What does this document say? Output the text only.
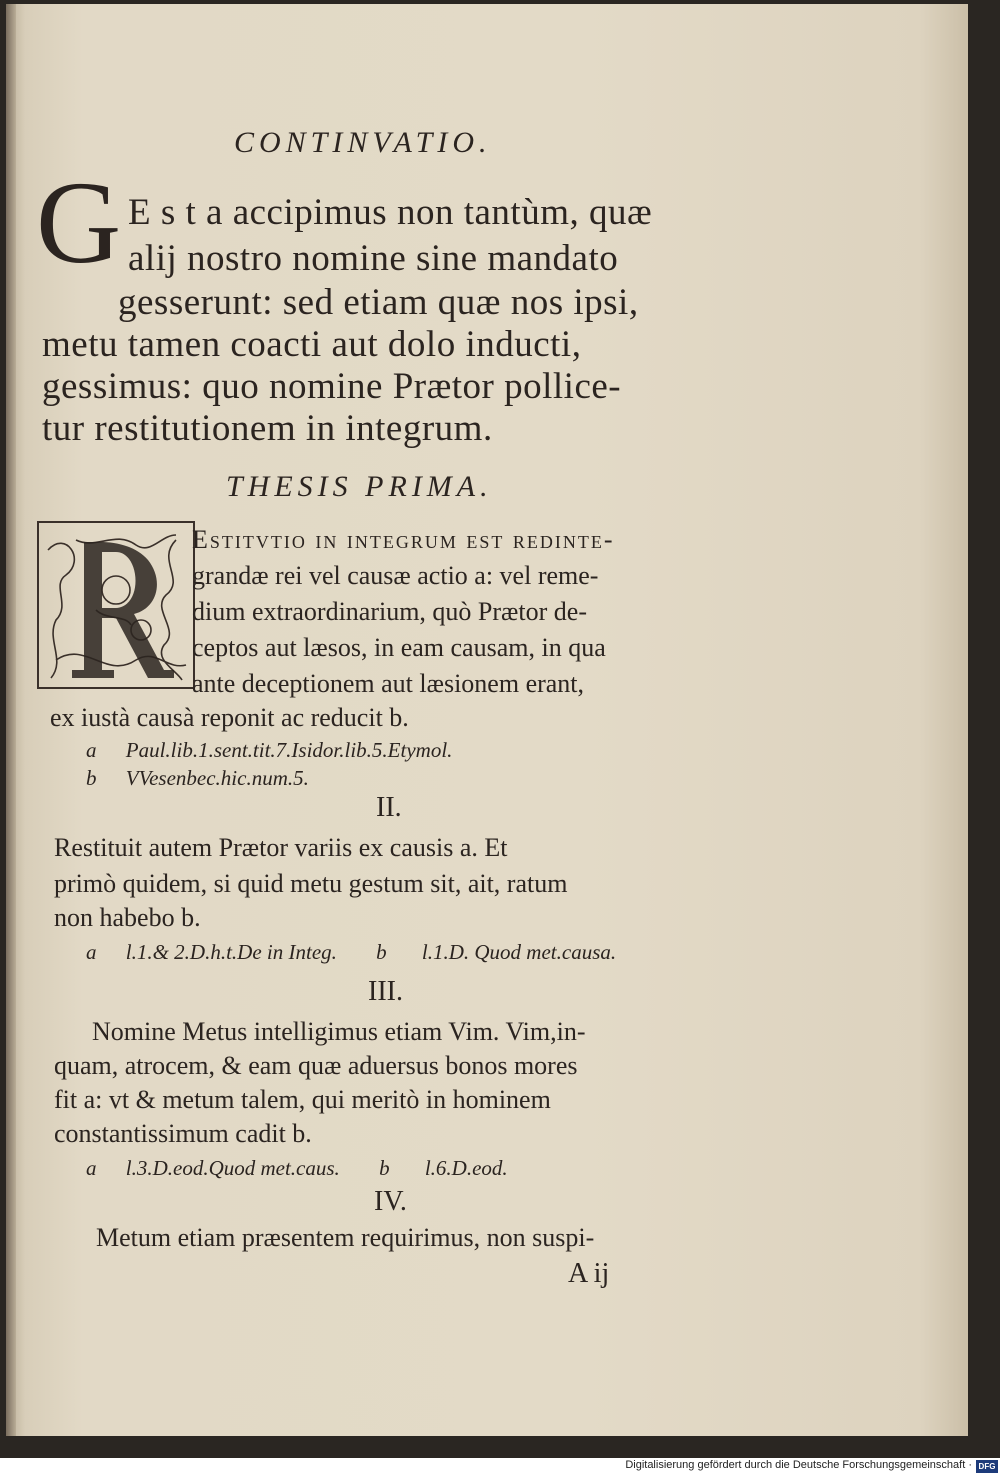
CONTINVATIO.
G E s t a accipimus non tantùm, quæ
alij nostro nomine sine mandato
gesserunt: sed etiam quæ nos ipsi,
metu tamen coacti aut dolo inducti,
gessimus: quo nomine Prætor pollice-
tur restitutionem in integrum.
THESIS PRIMA.
Estitvtio in integrum est redinte-
grandæ rei vel causæ actio a: vel reme-
dium extraordinarium, quò Prætor de-
ceptos aut læsos, in eam causam, in qua
ante deceptionem aut læsionem erant,
ex iustà causà reponit ac reducit b.
a Paul.lib.1.sent.tit.7.Isidor.lib.5.Etymol.
b VVesenbec.hic.num.5.
II.
Restituit autem Prætor variis ex causis a. Et
primò quidem, si quid metu gestum sit, ait, ratum
non habebo b.
a l.1.& 2.D.h.t.De in Integ. b l.1.D. Quod met.causa.
III.
Nomine Metus intelligimus etiam Vim. Vim,in-
quam, atrocem, & eam quæ aduersus bonos mores
fit a: vt & metum talem, qui meritò in hominem
constantissimum cadit b.
a l.3.D.eod.Quod met.caus. b l.6.D.eod.
IV.
Metum etiam præsentem requirimus, non suspi-
A ij
Digitalisierung gefördert durch die Deutsche Forschungsgemeinschaft · DFG
